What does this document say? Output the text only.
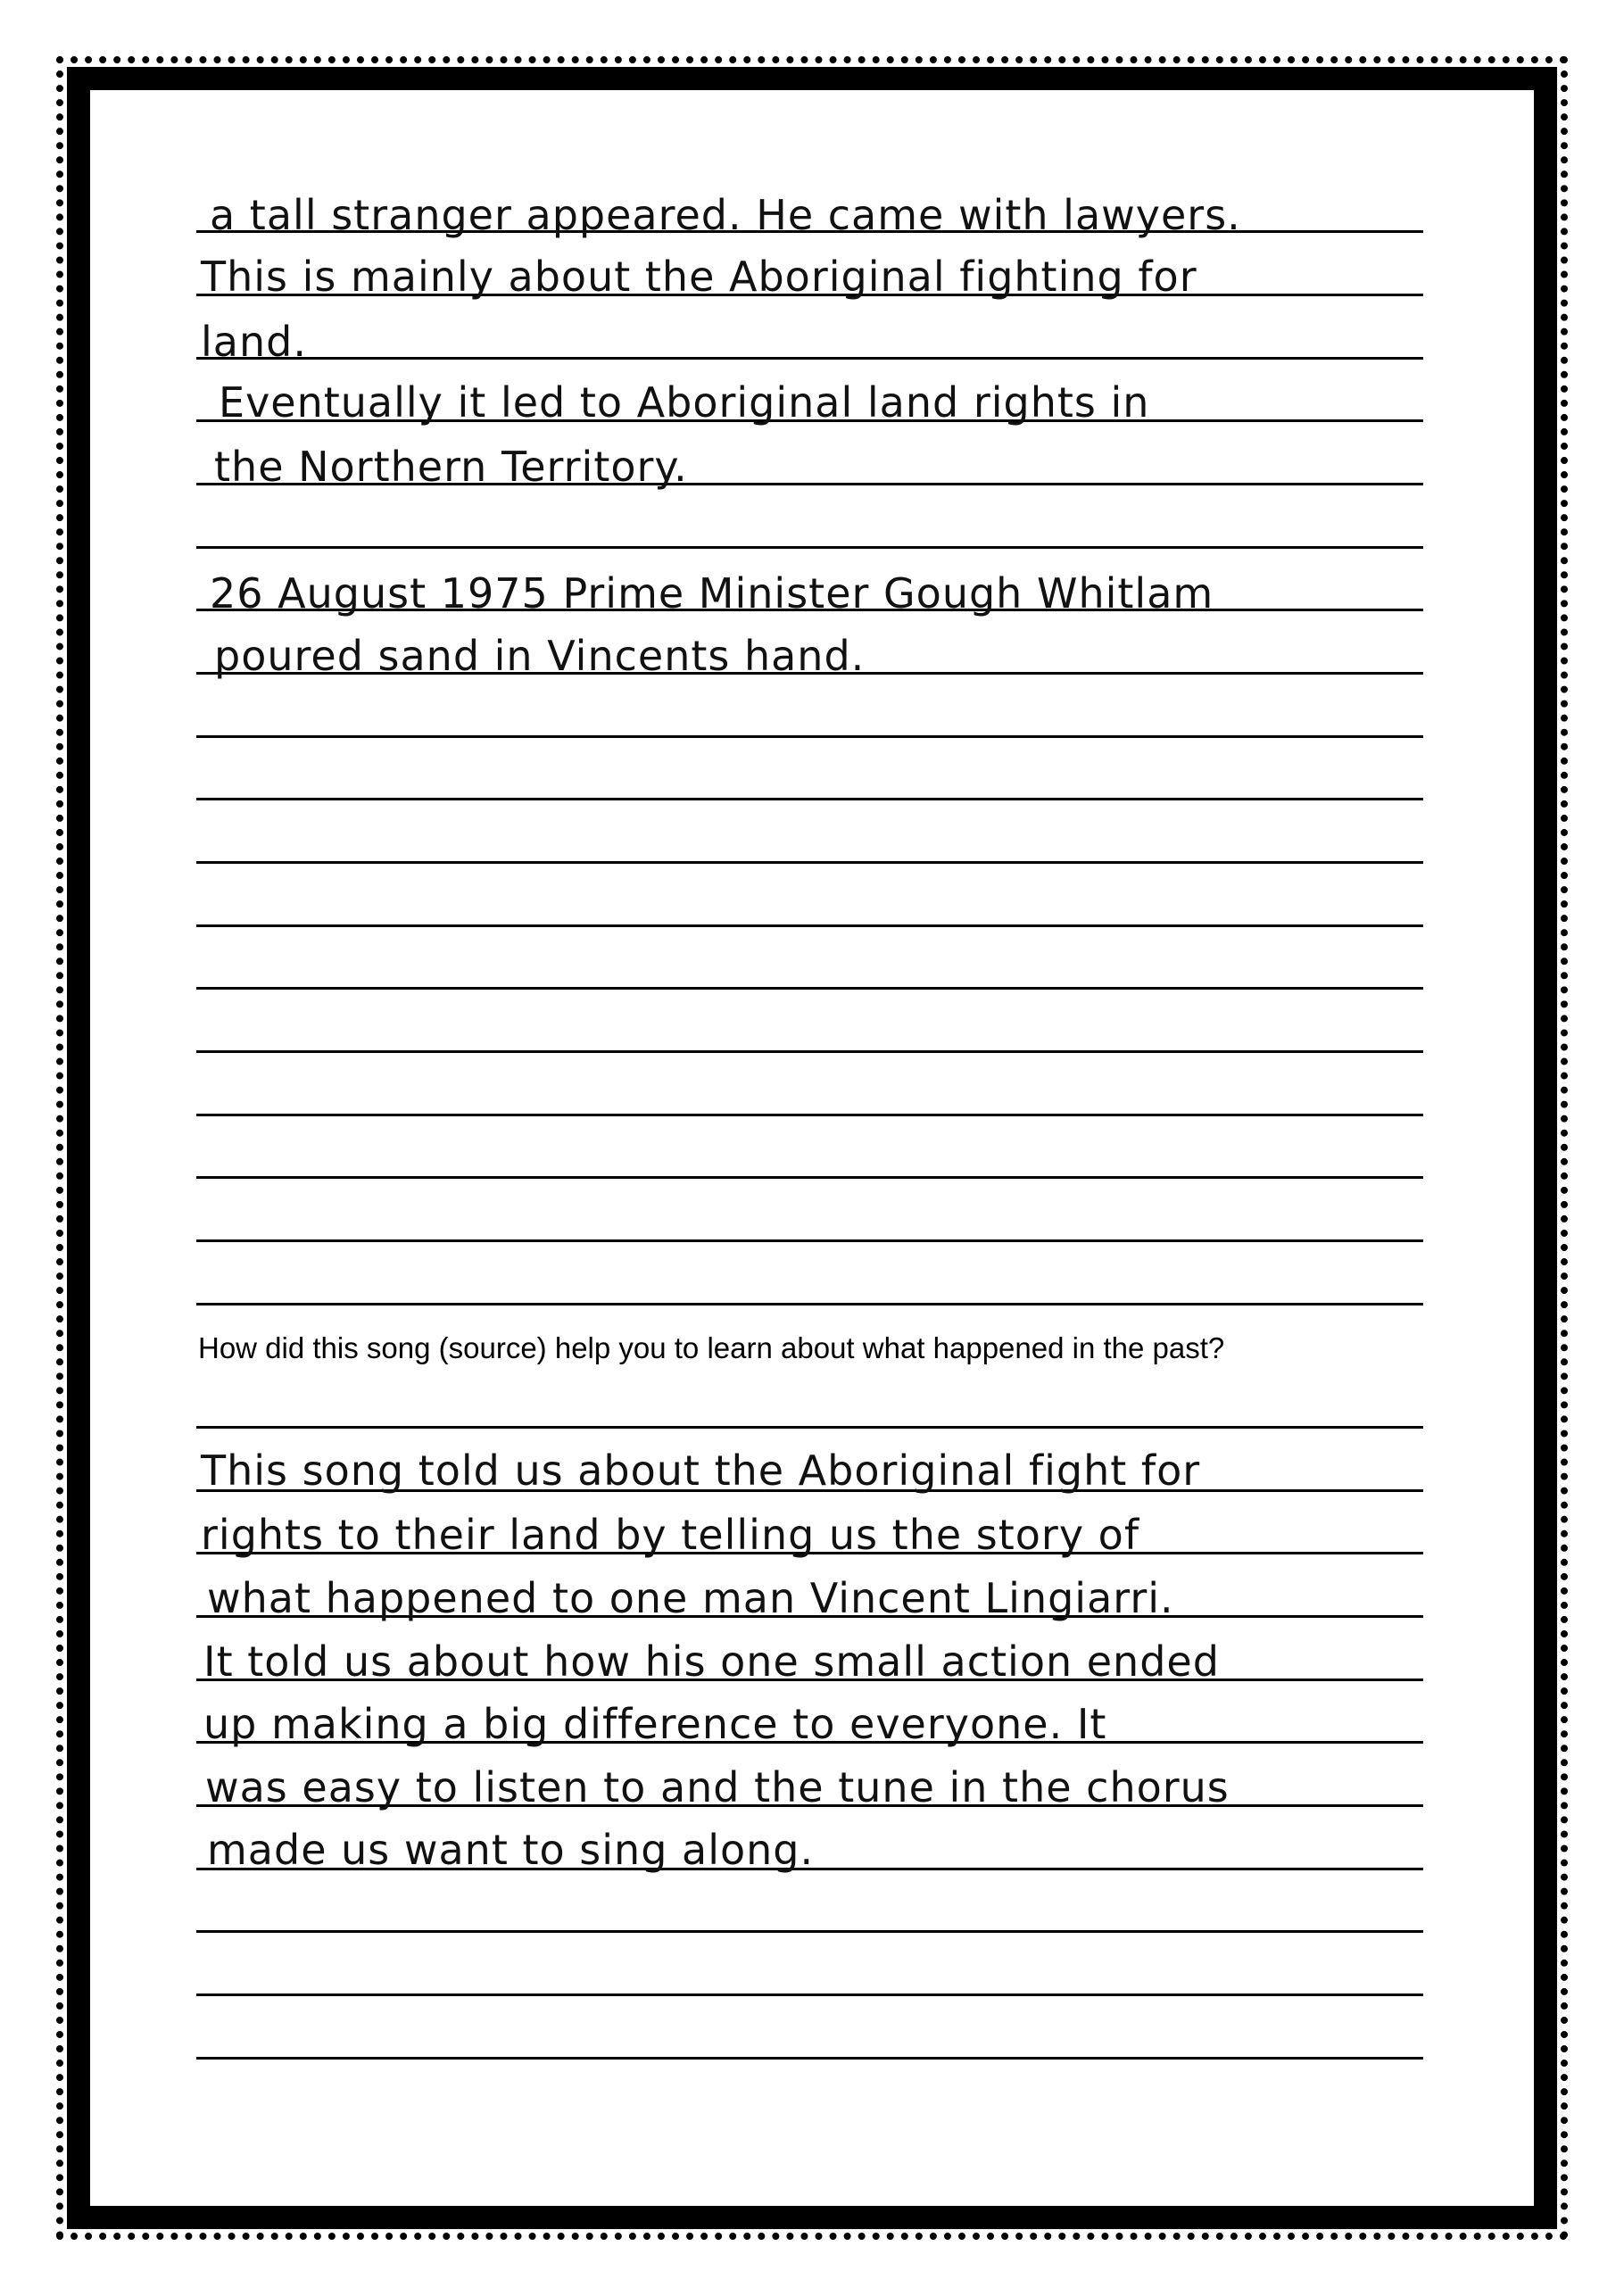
a tall stranger appeared. He came with lawyers.
This is mainly about the Aboriginal fighting for
land.
Eventually it led to Aboriginal land rights in
the Northern Territory.
26 August 1975 Prime Minister Gough Whitlam
poured sand in Vincents hand.
How did this song (source) help you to learn about what happened in the past?
This song told us about the Aboriginal fight for
rights to their land by telling us the story of
what happened to one man Vincent Lingiarri.
It told us about how his one small action ended
up making a big difference to everyone. It
was easy to listen to and the tune in the chorus
made us want to sing along.
